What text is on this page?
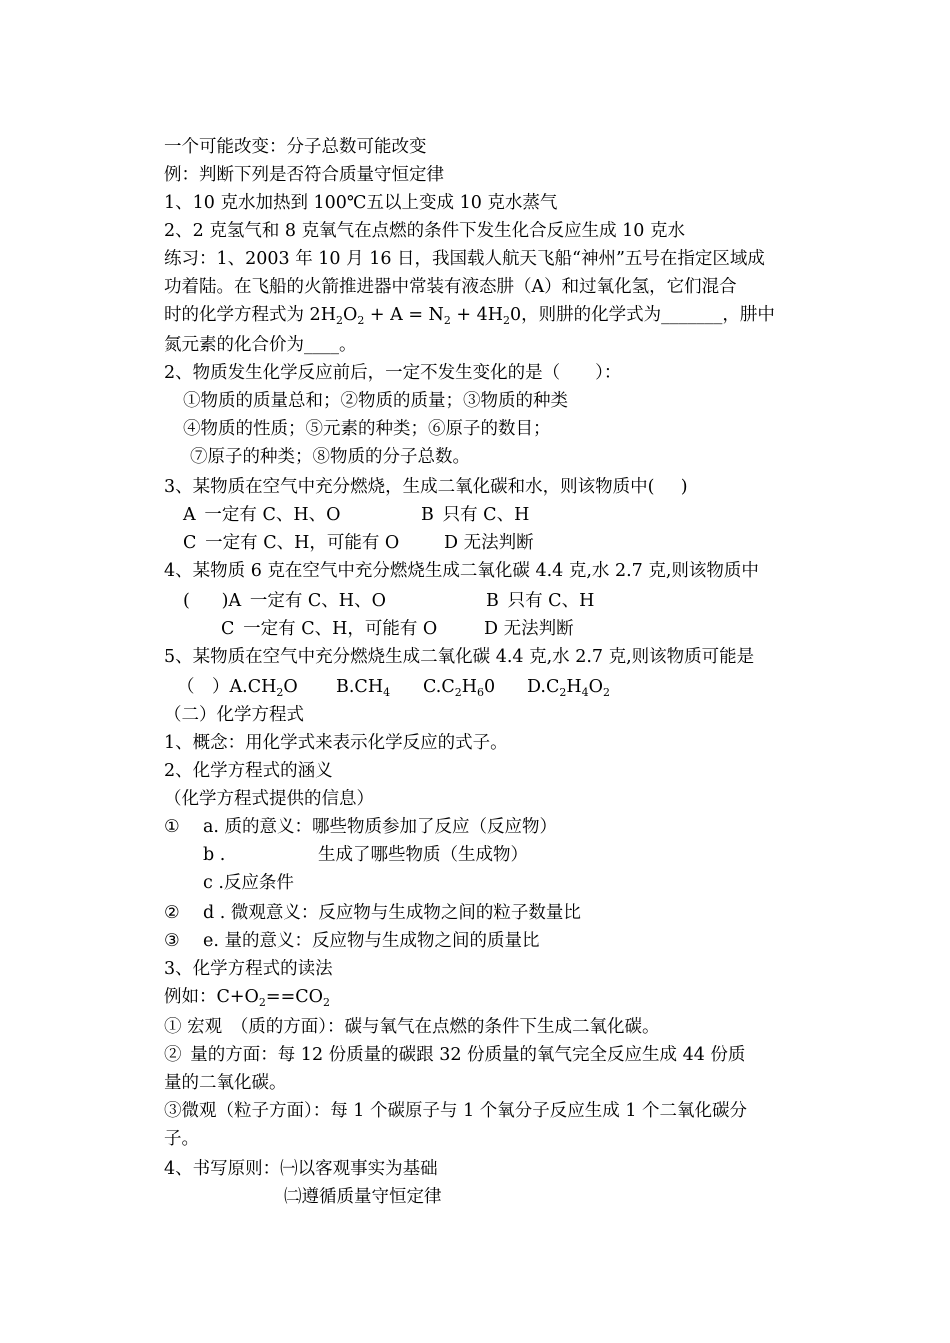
一个可能改变：分子总数可能改变
例：判断下列是否符合质量守恒定律
1、10 克水加热到 100℃五以上变成 10 克水蒸气
2、2 克氢气和 8 克氧气在点燃的条件下发生化合反应生成 10 克水
练习：1、2003 年 10 月 16 日，我国载人航天飞船“神州”五号在指定区域成
功着陆。在飞船的火箭推进器中常装有液态肼（A）和过氧化氢，它们混合
时的化学方程式为 $2H_2O_2 + A = N_2 + 4H_20$，则肼的化学式为_______，肼中
氮元素的化合价为____。
2、物质发生化学反应前后，一定不发生变化的是（  ）：
①物质的质量总和；②物质的质量；③物质的种类
④物质的性质；⑤元素的种类；⑥原子的数目；
⑦原子的种类；⑧物质的分子总数。
3、某物质在空气中充分燃烧，生成二氧化碳和水，则该物质中(  )
A 一定有 C、H、O	B 只有 C、H
C 一定有 C、H，可能有 O	D 无法判断
4、某物质 6 克在空气中充分燃烧生成二氧化碳 4.4 克,水 2.7 克,则该物质中
(   )A 一定有 C、H、O	B 只有 C、H
C 一定有 C、H，可能有 O	D 无法判断
5、某物质在空气中充分燃烧生成二氧化碳 4.4 克,水 2.7 克,则该物质可能是
（ ）$A.CH_2O$ $B.CH_4$ $C.C_2H_60$ $D.C_2H_4O_2$
（二）化学方程式
1、概念：用化学式来表示化学反应的式子。
2、化学方程式的涵义
（化学方程式提供的信息）
① a. 质的意义：哪些物质参加了反应（反应物）
b .	生成了哪些物质（生成物）
c .反应条件
② d . 微观意义：反应物与生成物之间的粒子数量比
③ e. 量的意义：反应物与生成物之间的质量比
3、化学方程式的读法
例如：$C+O_2==CO_2$
① 宏观 （质的方面）：碳与氧气在点燃的条件下生成二氧化碳。
② 量的方面：每 12 份质量的碳跟 32 份质量的氧气完全反应生成 44 份质
量的二氧化碳。
③微观（粒子方面）：每 1 个碳原子与 1 个氧分子反应生成 1 个二氧化碳分
子。
4、书写原则：㈠以客观事实为基础
㈡遵循质量守恒定律
